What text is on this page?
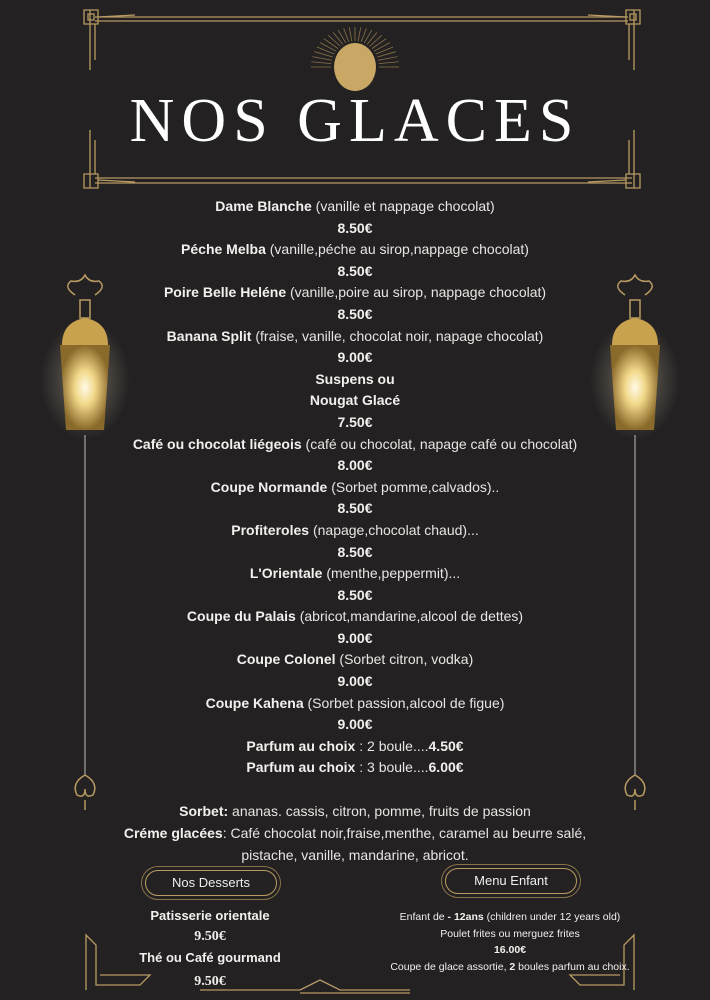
NOS GLACES
Dame Blanche (vanille et nappage chocolat)
8.50€
Péche Melba (vanille,péche au sirop,nappage chocolat)
8.50€
Poire Belle Heléne (vanille,poire au sirop, nappage chocolat)
8.50€
Banana Split (fraise, vanille, chocolat noir, napage chocolat)
9.00€
Suspens ou
Nougat Glacé
7.50€
Café ou chocolat liégeois (café ou chocolat, napage café ou chocolat)
8.00€
Coupe Normande (Sorbet pomme,calvados)..
8.50€
Profiteroles (napage,chocolat chaud)...
8.50€
L'Orientale (menthe,peppermit)...
8.50€
Coupe du Palais (abricot,mandarine,alcool de dettes)
9.00€
Coupe Colonel (Sorbet citron, vodka)
9.00€
Coupe Kahena (Sorbet passion,alcool de figue)
9.00€
Parfum au choix : 2 boule....4.50€
Parfum au choix : 3 boule....6.00€
Sorbet: ananas. cassis, citron, pomme, fruits de passion
Créme glacées: Café chocolat noir,fraise,menthe, caramel au beurre salé,
pistache, vanille, mandarine, abricot.
Nos Desserts	Menu Enfant
Patisserie orientale
9.50€
Thé ou Café gourmand
9.50€
Enfant de - 12ans (children under 12 years old)
Poulet frites ou merguez frites
16.00€
Coupe de glace assortie, 2 boules parfum au choix.
